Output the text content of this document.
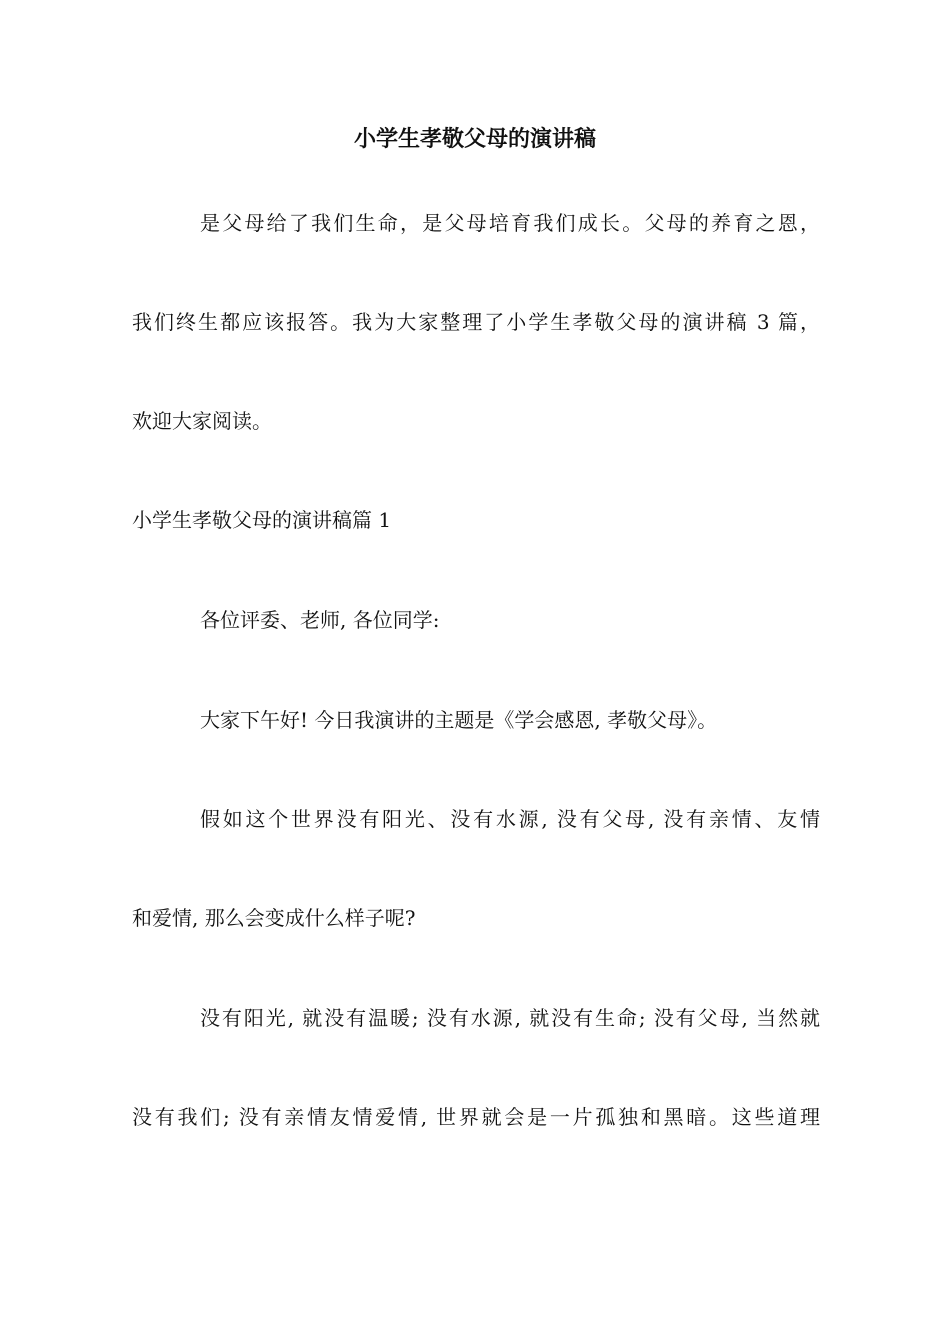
小学生孝敬父母的演讲稿

是父母给了我们生命，是父母培育我们成长。父母的养育之恩，

我们终生都应该报答。我为大家整理了小学生孝敬父母的演讲稿 3 篇，

欢迎大家阅读。

小学生孝敬父母的演讲稿篇 1

各位评委、老师, 各位同学:

大家下午好! 今日我演讲的主题是《学会感恩, 孝敬父母》。

假如这个世界没有阳光、没有水源, 没有父母, 没有亲情、友情

和爱情, 那么会变成什么样子呢?

没有阳光, 就没有温暖; 没有水源, 就没有生命; 没有父母, 当然就

没有我们; 没有亲情友情爱情, 世界就会是一片孤独和黑暗。这些道理
